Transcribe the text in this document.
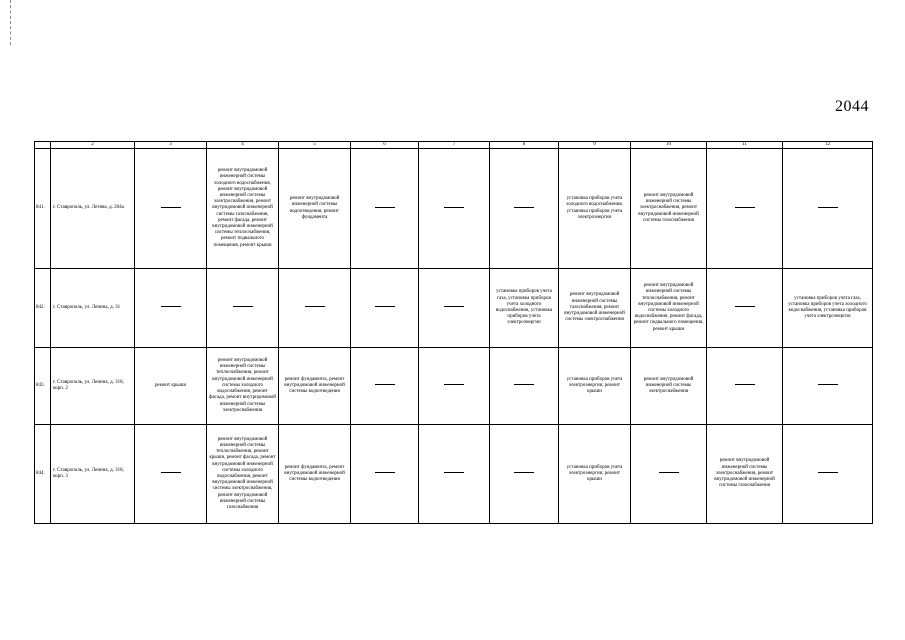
2044
	2	3	4	5	6	7	8	9	10	11	12
841.	г. Ставрополь, ул. Летяна, д. 204а		ремонт внутридомовой инженерной системы холодного водоснабжения, ремонт внутридомовой инженерной системы электроснабжения, ремонт внутридомовой инженерной системы газоснабжения, ремонт фасада, ремонт внутридомовой инженерной системы теплоснабжения, ремонт подвального помещения, ремонт крыши	ремонт внутридомовой инженерной системы водоотведения, ремонт фундамента				установка приборов учета холодного водоснабжения, установка приборов учета электроэнергии	ремонт внутридомовой инженерной системы электроснабжения, ремонт внутридомовой инженерной системы газоснабжения		
842.	г. Ставрополь, ул. Ленина, д. 31						установка приборов учета газа, установка приборов учета холодного водоснабжения, установка приборов учета электроэнергии	ремонт внутридомовой инженерной системы газоснабжения, ремонт внутридомовой инженерной системы электроснабжения	ремонт внутридомовой инженерной системы теплоснабжения, ремонт внутридомовой инженерной системы холодного водоснабжения, ремонт фасада, ремонт подвального помещения, ремонт крыши		установка приборов учета газа, установка приборов учета холодного водоснабжения, установка приборов учета электроэнергии
843.	г. Ставрополь, ул. Ленина, д. 318, корп. 2	ремонт крыши	ремонт внутридомовой инженерной системы теплоснабжения, ремонт внутридомовой инженерной системы холодного водоснабжения, ремонт фасада, ремонт внутридомовой инженерной системы электроснабжения	ремонт фундамента, ремонт внутридомовой инженерной системы водоотведения				установка приборов учета электроэнергии, ремонт крыши	ремонт внутридомовой инженерной системы электроснабжения		
844.	г. Ставрополь, ул. Ленина, д. 318, корп. 3		ремонт внутридомовой инженерной системы теплоснабжения, ремонт крыши, ремонт фасада, ремонт внутридомовой инженерной системы холодного водоснабжения, ремонт внутридомовой инженерной системы электроснабжения, ремонт внутридомовой инженерной системы газоснабжения	ремонт фундамента, ремонт внутридомовой инженерной системы водоотведения				установка приборов учета электроэнергии, ремонт крыши		ремонт внутридомовой инженерной системы электроснабжения, ремонт внутридомовой инженерной системы газоснабжения	
